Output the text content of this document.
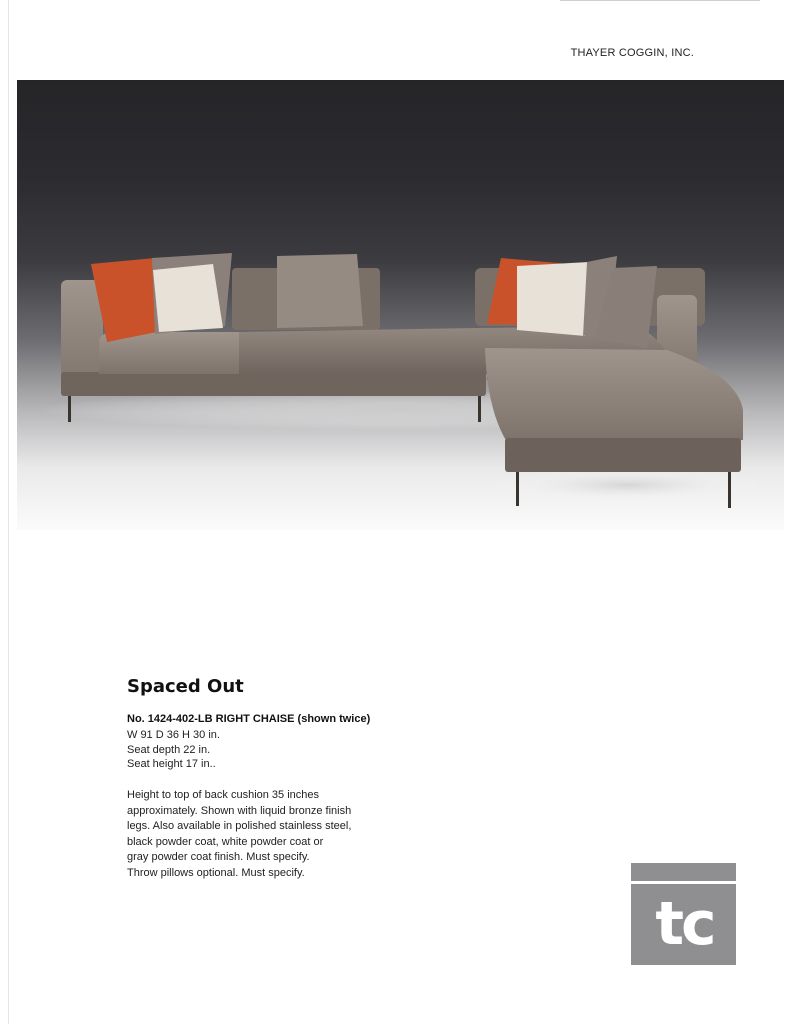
THAYER COGGIN, INC.
Spaced Out
No. 1424-402-LB RIGHT CHAISE (shown twice)
W 91 D 36 H 30 in.
Seat depth 22 in.
Seat height 17 in..
Height to top of back cushion 35 inches
approximately. Shown with liquid bronze finish
legs. Also available in polished stainless steel,
black powder coat, white powder coat or
gray powder coat finish. Must specify.
Throw pillows optional. Must specify.
tc
